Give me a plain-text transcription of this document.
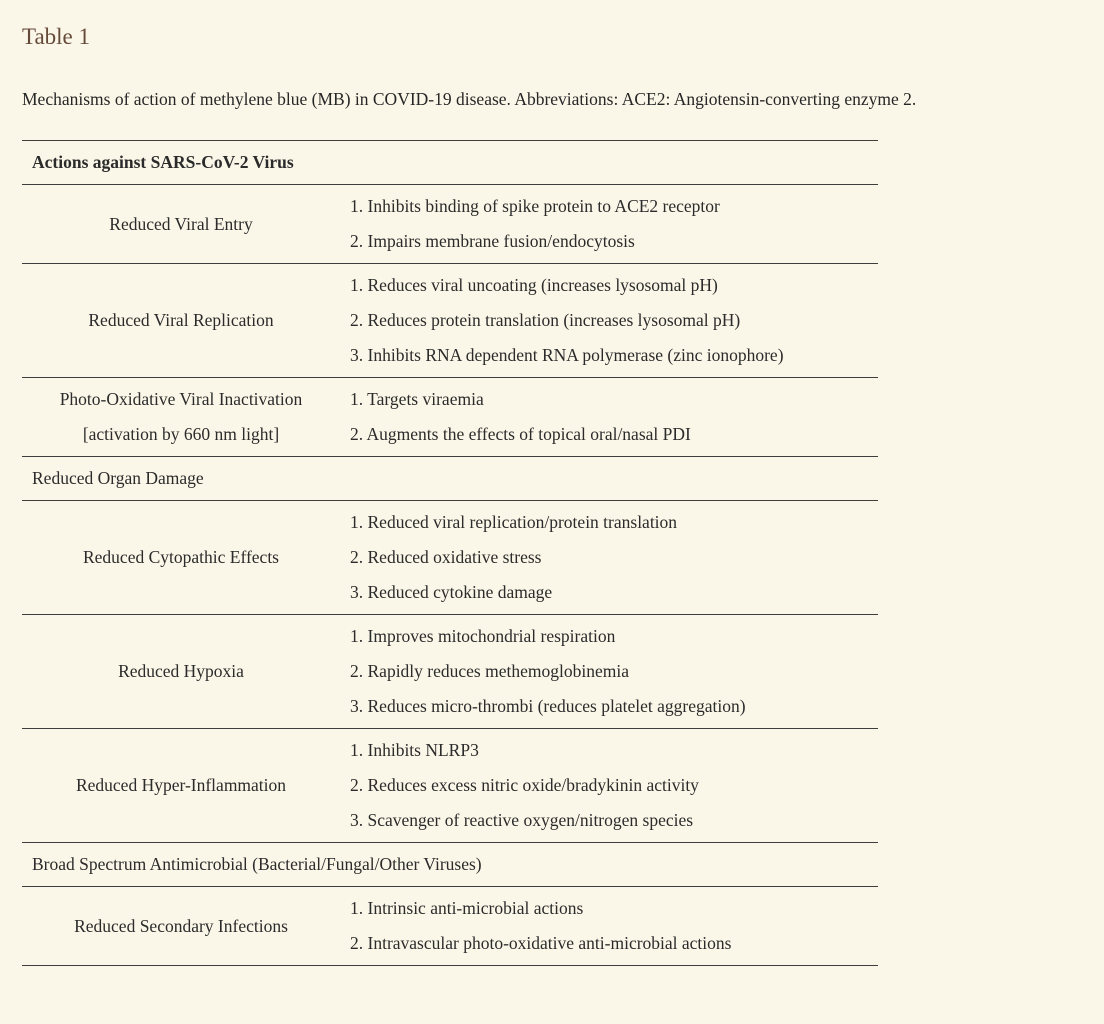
Table 1

Mechanisms of action of methylene blue (MB) in COVID-19 disease. Abbreviations: ACE2: Angiotensin-converting enzyme 2.

Actions against SARS-CoV-2 Virus
Reduced Viral Entry
1. Inhibits binding of spike protein to ACE2 receptor
2. Impairs membrane fusion/endocytosis
Reduced Viral Replication
1. Reduces viral uncoating (increases lysosomal pH)
2. Reduces protein translation (increases lysosomal pH)
3. Inhibits RNA dependent RNA polymerase (zinc ionophore)
Photo-Oxidative Viral Inactivation
[activation by 660 nm light]
1. Targets viraemia
2. Augments the effects of topical oral/nasal PDI
Reduced Organ Damage
Reduced Cytopathic Effects
1. Reduced viral replication/protein translation
2. Reduced oxidative stress
3. Reduced cytokine damage
Reduced Hypoxia
1. Improves mitochondrial respiration
2. Rapidly reduces methemoglobinemia
3. Reduces micro-thrombi (reduces platelet aggregation)
Reduced Hyper-Inflammation
1. Inhibits NLRP3
2. Reduces excess nitric oxide/bradykinin activity
3. Scavenger of reactive oxygen/nitrogen species
Broad Spectrum Antimicrobial (Bacterial/Fungal/Other Viruses)
Reduced Secondary Infections
1. Intrinsic anti-microbial actions
2. Intravascular photo-oxidative anti-microbial actions
